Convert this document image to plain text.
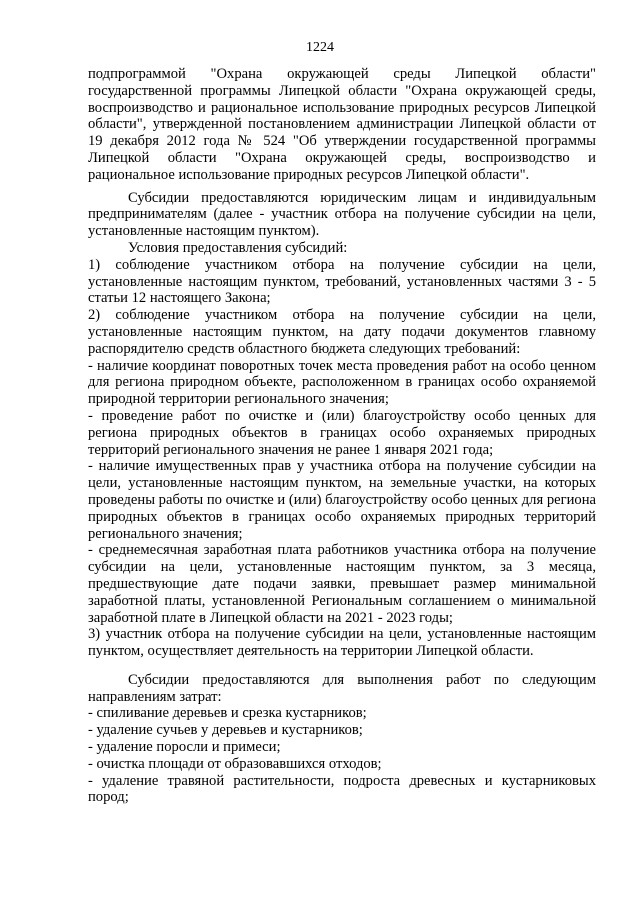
1224

подпрограммой "Охрана окружающей среды Липецкой области" государственной программы Липецкой области "Охрана окружающей среды, воспроизводство и рациональное использование природных ресурсов Липецкой области", утвержденной постановлением администрации Липецкой области от 19 декабря 2012 года № 524 "Об утверждении государственной программы Липецкой области "Охрана окружающей среды, воспроизводство и рациональное использование природных ресурсов Липецкой области".

Субсидии предоставляются юридическим лицам и индивидуальным предпринимателям (далее - участник отбора на получение субсидии на цели, установленные настоящим пунктом).

Условия предоставления субсидий:

1) соблюдение участником отбора на получение субсидии на цели, установленные настоящим пунктом, требований, установленных частями 3 - 5 статьи 12 настоящего Закона;

2) соблюдение участником отбора на получение субсидии на цели, установленные настоящим пунктом, на дату подачи документов главному распорядителю средств областного бюджета следующих требований:

- наличие координат поворотных точек места проведения работ на особо ценном для региона природном объекте, расположенном в границах особо охраняемой природной территории регионального значения;

- проведение работ по очистке и (или) благоустройству особо ценных для региона природных объектов в границах особо охраняемых природных территорий регионального значения не ранее 1 января 2021 года;

- наличие имущественных прав у участника отбора на получение субсидии на цели, установленные настоящим пунктом, на земельные участки, на которых проведены работы по очистке и (или) благоустройству особо ценных для региона природных объектов в границах особо охраняемых природных территорий регионального значения;

- среднемесячная заработная плата работников участника отбора на получение субсидии на цели, установленные настоящим пунктом, за 3 месяца, предшествующие дате подачи заявки, превышает размер минимальной заработной платы, установленной Региональным соглашением о минимальной заработной плате в Липецкой области на 2021 - 2023 годы;

3) участник отбора на получение субсидии на цели, установленные настоящим пунктом, осуществляет деятельность на территории Липецкой области.

Субсидии предоставляются для выполнения работ по следующим направлениям затрат:

- спиливание деревьев и срезка кустарников;

- удаление сучьев у деревьев и кустарников;

- удаление поросли и примеси;

- очистка площади от образовавшихся отходов;

- удаление травяной растительности, подроста древесных и кустарниковых пород;
